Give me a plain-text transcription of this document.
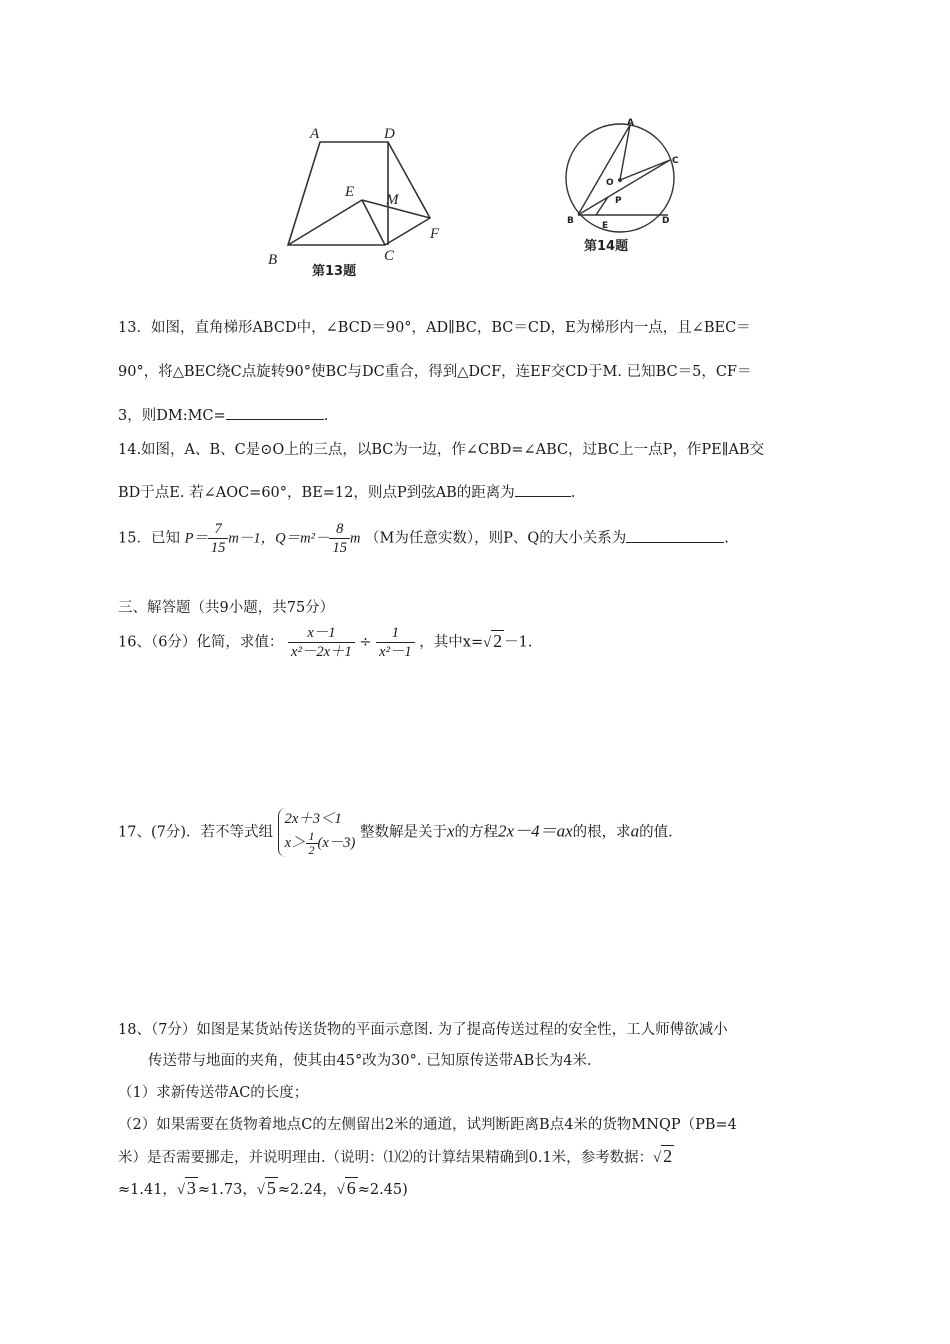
A	D
E M
B	C
F
第13题
A
C
O
P
B	E	D
第14题
13．如图，直角梯形ABCD中，∠BCD＝90°，AD∥BC，BC＝CD，E为梯形内一点，且∠BEC＝
90°，将△BEC绕C点旋转90°使BC与DC重合，得到△DCF，连EF交CD于M. 已知BC＝5，CF＝
3，则DM:MC=	.
14.如图，A、B、C是⊙O上的三点，以BC为一边，作∠CBD=∠ABC，过BC上一点P，作PE∥AB交
BD于点E. 若∠AOC=60°，BE=12，则点P到弦AB的距离为	.
15．已知 $P= \frac{7}{15} m-1$，$Q=m^2- \frac{8}{15}$ m （M为任意实数），则P、Q的大小关系为	.
三、解答题（共9小题，共75分）
16、（6分）化简，求值： $\frac{x-1}{\text{x²－2x＋1}} \div \frac{1}{\text{x²－1}}$ ，其中x=√ 2 －1.
17、(7分)．若不等式组
2x＋3＜1
$x> \frac{1}{2} (x-3)$
整数解是关于x的方程2x－4＝ax的根，求a的值.
18、（7分）如图是某货站传送货物的平面示意图. 为了提高传送过程的安全性，工人师傅欲减小
传送带与地面的夹角，使其由45°改为30°. 已知原传送带AB长为4米.
（1）求新传送带AC的长度；
（2）如果需要在货物着地点C的左侧留出2米的通道，试判断距离B点4米的货物MNQP（PB=4
米）是否需要挪走，并说明理由.（说明：⑴⑵的计算结果精确到0.1米，参考数据：√ 2
≈1.41，√ 3 ≈1.73，√ 5 ≈2.24，√ 6 ≈2.45)
